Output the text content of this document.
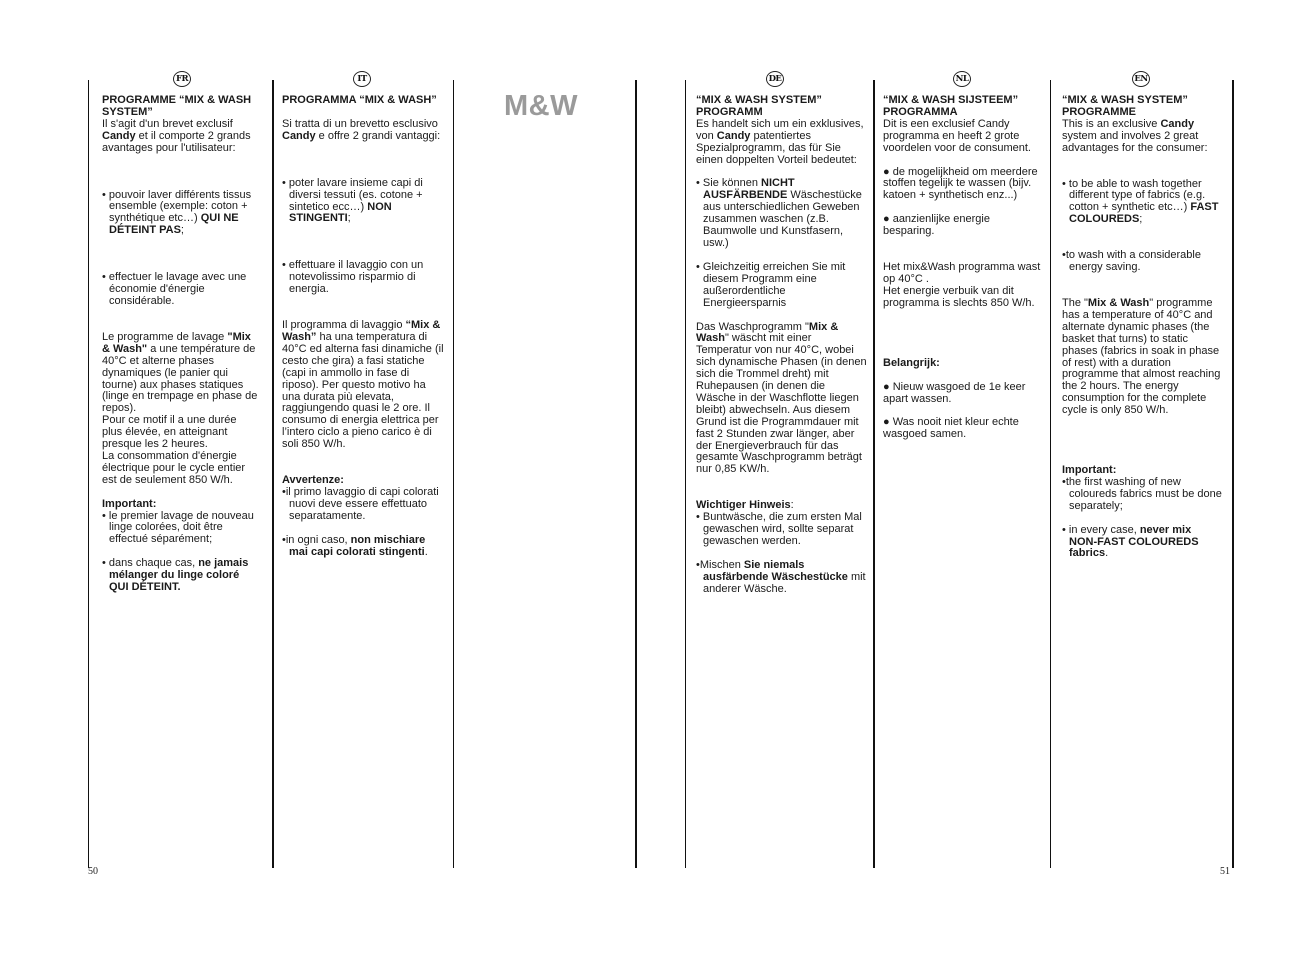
FR	IT	DE	NL	EN
M&W

PROGRAMME “MIX & WASH SYSTEM”
Il s'agit d'un brevet exclusif Candy et il comporte 2 grands avantages pour l'utilisateur:

• pouvoir laver différents tissus ensemble (exemple: coton + synthétique etc…) QUI NE DÉTEINT PAS;

• effectuer le lavage avec une économie d'énergie considérable.

Le programme de lavage "Mix & Wash" a une température de 40°C et alterne phases dynamiques (le panier qui tourne) aux phases statiques (linge en trempage en phase de repos).
Pour ce motif il a une durée plus élevée, en atteignant presque les 2 heures.
La consommation d'énergie électrique pour le cycle entier est de seulement 850 W/h.

Important:

• le premier lavage de nouveau linge colorées, doit être effectué séparément;

• dans chaque cas, ne jamais mélanger du linge coloré QUI DÉTEINT.

PROGRAMMA “MIX & WASH”

Si tratta di un brevetto esclusivo Candy e offre 2 grandi vantaggi:

• poter lavare insieme capi di diversi tessuti (es. cotone + sintetico ecc…) NON STINGENTI;

• effettuare il lavaggio con un notevolissimo risparmio di energia.

Il programma di lavaggio “Mix & Wash” ha una temperatura di 40°C ed alterna fasi dinamiche (il cesto che gira) a fasi statiche (capi in ammollo in fase di riposo). Per questo motivo ha una durata più elevata, raggiungendo quasi le 2 ore. Il consumo di energia elettrica per l’intero ciclo a pieno carico è di soli 850 W/h.

Avvertenze:

•il primo lavaggio di capi colorati nuovi deve essere effettuato separatamente.

•in ogni caso, non mischiare mai capi colorati stingenti.

“MIX & WASH SYSTEM” PROGRAMM
Es handelt sich um ein exklusives, von Candy patentiertes Spezialprogramm, das für Sie einen doppelten Vorteil bedeutet:

• Sie können NICHT AUSFÄRBENDE Wäschestücke aus unterschiedlichen Geweben zusammen waschen (z.B. Baumwolle und Kunstfasern, usw.)

• Gleichzeitig erreichen Sie mit diesem Programm eine außerordentliche Energieersparnis

Das Waschprogramm "Mix & Wash" wäscht mit einer Temperatur von nur 40°C, wobei sich dynamische Phasen (in denen sich die Trommel dreht) mit Ruhepausen (in denen die Wäsche in der Waschflotte liegen bleibt) abwechseln. Aus diesem Grund ist die Programmdauer mit fast 2 Stunden zwar länger, aber der Energieverbrauch für das gesamte Waschprogramm beträgt nur 0,85 KW/h.

Wichtiger Hinweis:

• Buntwäsche, die zum ersten Mal gewaschen wird, sollte separat gewaschen werden.

•Mischen Sie niemals ausfärbende Wäschestücke mit anderer Wäsche.

“MIX & WASH SIJSTEEM” PROGRAMMA
Dit is een exclusief Candy programma en heeft 2 grote voordelen voor de consument.

● de mogelijkheid om meerdere stoffen tegelijk te wassen (bijv. katoen + synthetisch enz...)

● aanzienlijke energie besparing.

Het mix&Wash programma wast op 40°C .
Het energie verbuik van dit programma is slechts 850 W/h.

Belangrijk:

● Nieuw wasgoed de 1e keer apart wassen.

● Was nooit niet kleur echte wasgoed samen.

“MIX & WASH SYSTEM” PROGRAMME
This is an exclusive Candy system and involves 2 great advantages for the consumer:

• to be able to wash together different type of fabrics (e.g. cotton + synthetic etc…) FAST COLOUREDS;

•to wash with a considerable energy saving.

The "Mix & Wash" programme has a temperature of 40°C and alternate dynamic phases (the basket that turns) to static phases (fabrics in soak in phase of rest) with a duration programme that almost reaching the 2 hours. The energy consumption for the complete cycle is only 850 W/h.

Important:

•the first washing of new coloureds fabrics must be done separately;

• in every case, never mix NON-FAST COLOUREDS fabrics.

50	51
